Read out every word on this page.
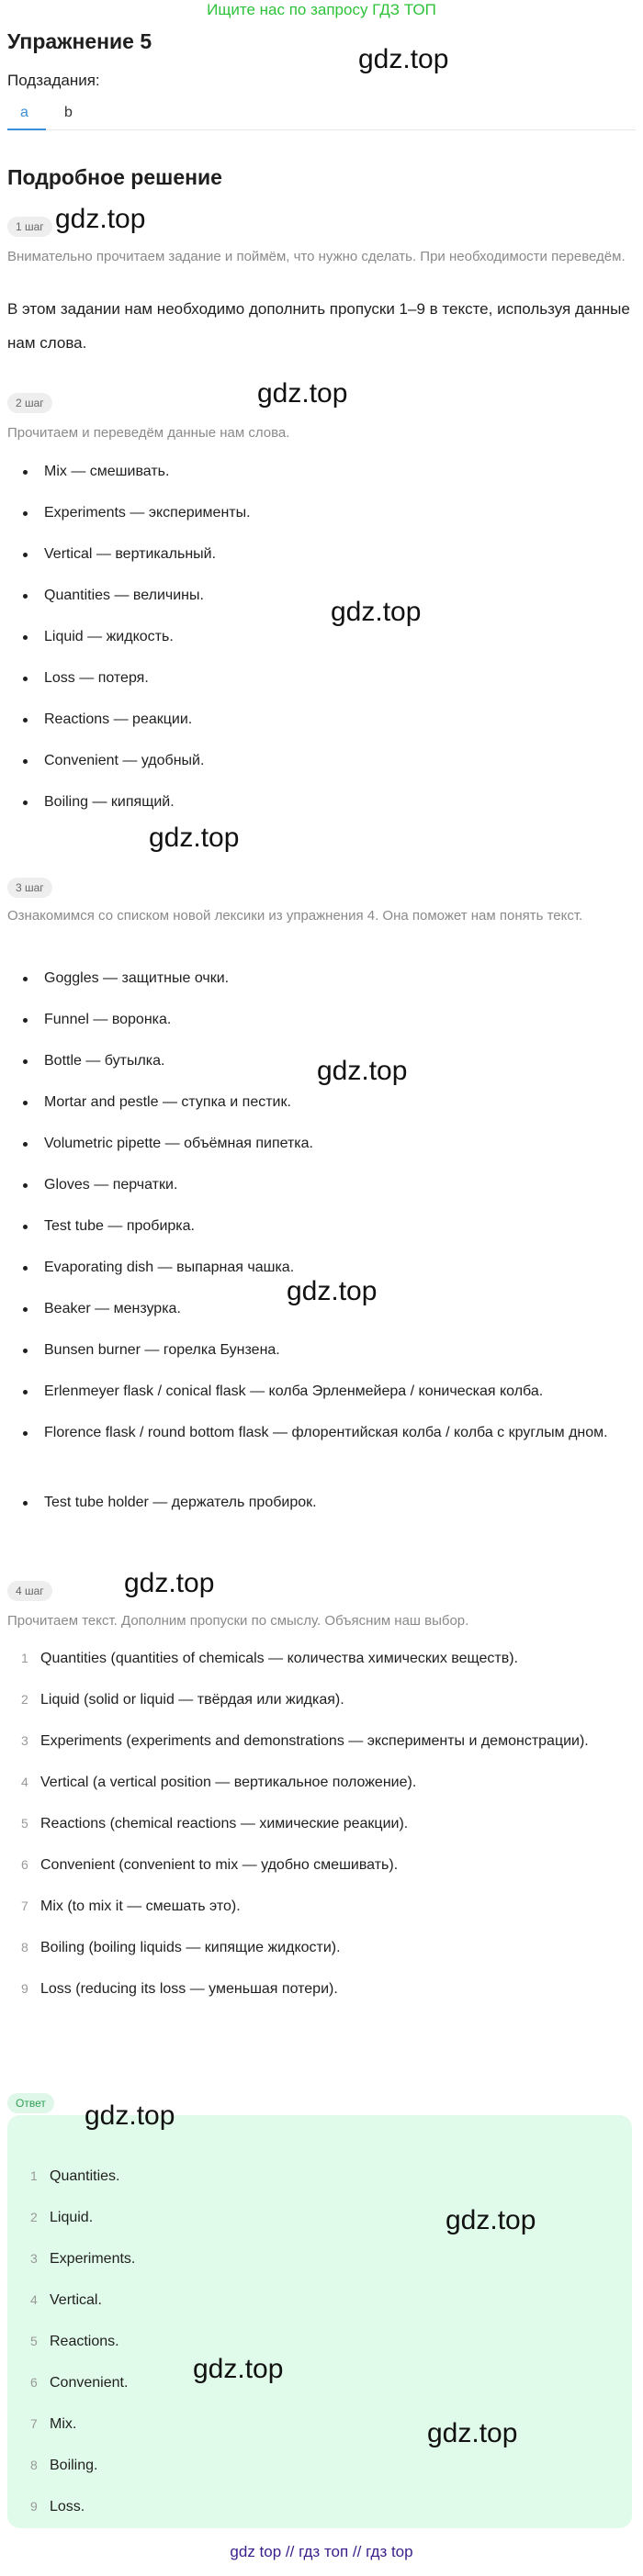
Ищите нас по запросу ГДЗ ТОП
Упражнение 5
gdz.top
Подзадания:
a b
Подробное решение
1 шаг gdz.top
Внимательно прочитаем задание и поймём, что нужно сделать. При необходимости переведём.
В этом задании нам необходимо дополнить пропуски 1–9 в тексте, используя данные нам слова.
2 шаг	gdz.top
Прочитаем и переведём данные нам слова.
Mix — смешивать.
Experiments — эксперименты.
Vertical — вертикальный.
Quantities — величины.
Liquid — жидкость.
Loss — потеря.
Reactions — реакции.
Convenient — удобный.
Boiling — кипящий.
gdz.top
gdz.top
3 шаг
Ознакомимся со списком новой лексики из упражнения 4. Она поможет нам понять текст.
Goggles — защитные очки.
Funnel — воронка.
Bottle — бутылка.
Mortar and pestle — ступка и пестик.
Volumetric pipette — объёмная пипетка.
Gloves — перчатки.
Test tube — пробирка.
Evaporating dish — выпарная чашка.
Beaker — мензурка.
Bunsen burner — горелка Бунзена.
Erlenmeyer flask / conical flask — колба Эрленмейера / коническая колба.
Florence flask / round bottom flask — флорентийская колба / колба с круглым дном.
Test tube holder — держатель пробирок.
gdz.top
gdz.top
4 шаг	gdz.top
Прочитаем текст. Дополним пропуски по смыслу. Объясним наш выбор.
1 Quantities (quantities of chemicals — количества химических веществ).
2 Liquid (solid or liquid — твёрдая или жидкая).
3 Experiments (experiments and demonstrations — эксперименты и демонстрации).
4 Vertical (a vertical position — вертикальное положение).
5 Reactions (chemical reactions — химические реакции).
6 Convenient (convenient to mix — удобно смешивать).
7 Mix (to mix it — смешать это).
8 Boiling (boiling liquids — кипящие жидкости).
9 Loss (reducing its loss — уменьшая потери).
Ответ	gdz.top
1 Quantities.
2 Liquid.
3 Experiments.
4 Vertical.
5 Reactions.
6 Convenient.
7 Mix.
8 Boiling.
9 Loss.
gdz.top
gdz.top
gdz.top
gdz top // гдз топ // гдз top
